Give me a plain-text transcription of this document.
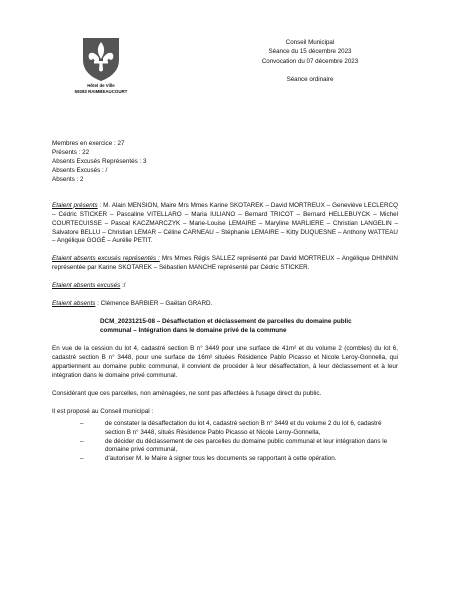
Hôtel de Ville
59283 RAIMBEAUCOURT
Conseil Municipal
Séance du 15 décembre 2023
Convocation du 07 décembre 2023
Séance ordinaire

Membres en exercice : 27

Présents : 22

Absents Excusés Représentés : 3

Absents Excusés : /

Absents : 2

Etaient présents : M. Alain MENSION, Maire Mrs Mmes Karine SKOTAREK – David MORTREUX – Geneviève LECLERCQ – Cédric STICKER – Pascaline VITELLARO – Maria IULIANO – Bernard TRICOT – Bernard HELLEBUYCK – Michel COURTECUISSE – Pascal KACZMARCZYK – Marie-Louise LEMAIRE – Maryline MARLIERE – Christian LANGELIN – Salvatore BELLU – Christian LEMAR – Céline CARNEAU – Stéphanie LEMAIRE – Kitty DUQUESNE – Anthony WATTEAU – Angélique GOGÉ – Aurélie PETIT.

Etaient absents excusés représentés : Mrs Mmes Régis SALLEZ représenté par David MORTREUX – Angélique DHINNIN représentée par Karine SKOTAREK – Sébastien MANCHE représenté par Cédric STICKER.

Etaient absents excusés :/

Etaient absents : Clémence BARBIER – Gaëtan GRARD.

DCM_20231215-08 – Désaffectation et déclassement de parcelles du domaine public communal – Intégration dans le domaine privé de la commune

En vue de la cession du lot 4, cadastré section B n° 3449 pour une surface de 41m² et du volume 2 (combles) du lot 6, cadastré section B n° 3448, pour une surface de 16m² situées Résidence Pablo Picasso et Nicole Leroy-Gonnella, qui appartiennent au domaine public communal, il convient de procéder à leur désaffectation, à leur déclassement et à leur intégration dans le domaine privé communal.

Considérant que ces parcelles, non aménagées, ne sont pas affectées à l'usage direct du public.

Il est proposé au Conseil municipal :

–	de constater la désaffectation du lot 4, cadastré section B n° 3449 et du volume 2 du lot 6, cadastré section B n° 3448, situés Résidence Pablo Picasso et Nicole Leroy-Gonnella,
–	de décider du déclassement de ces parcelles du domaine public communal et leur intégration dans le domaine privé communal,
–	d'autoriser M. le Maire à signer tous les documents se rapportant à cette opération.
